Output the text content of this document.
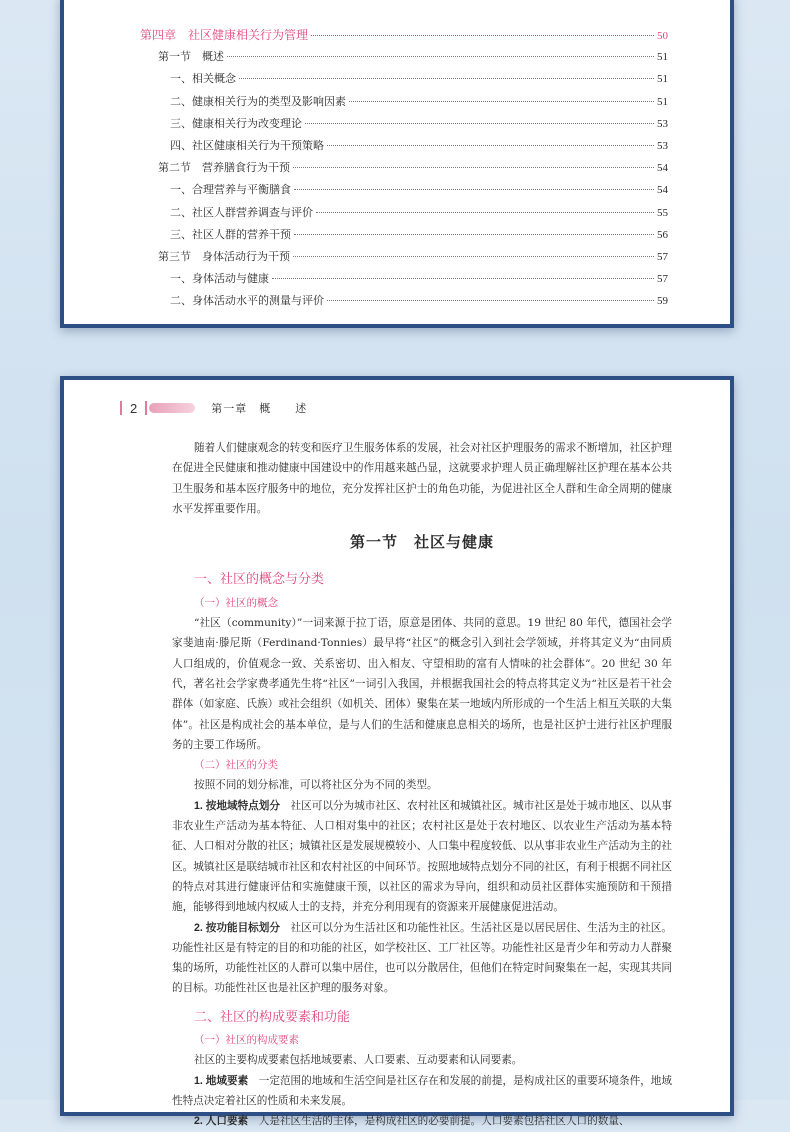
第四章　社区健康相关行为管理	50
第一节　概述	51
一、相关概念	51
二、健康相关行为的类型及影响因素	51
三、健康相关行为改变理论	53
四、社区健康相关行为干预策略	53
第二节　营养膳食行为干预	54
一、合理营养与平衡膳食	54
二、社区人群营养调查与评价	55
三、社区人群的营养干预	56
第三节　身体活动行为干预	57
一、身体活动与健康	57
二、身体活动水平的测量与评价	59
2	第一章　概　　述

随着人们健康观念的转变和医疗卫生服务体系的发展，社会对社区护理服务的需求不断增加，社区护理在促进全民健康和推动健康中国建设中的作用越来越凸显，这就要求护理人员正确理解社区护理在基本公共卫生服务和基本医疗服务中的地位，充分发挥社区护士的角色功能，为促进社区全人群和生命全周期的健康水平发挥重要作用。

第一节　社区与健康
一、社区的概念与分类
（一）社区的概念

“社区（community）”一词来源于拉丁语，原意是团体、共同的意思。19 世纪 80 年代，德国社会学家斐迪南·滕尼斯（Ferdinand·Tonnies）最早将“社区”的概念引入到社会学领域，并将其定义为“由同质人口组成的，价值观念一致、关系密切、出入相友、守望相助的富有人情味的社会群体”。20 世纪 30 年代，著名社会学家费孝通先生将“社区”一词引入我国，并根据我国社会的特点将其定义为“社区是若干社会群体（如家庭、氏族）或社会组织（如机关、团体）聚集在某一地域内所形成的一个生活上相互关联的大集体”。社区是构成社会的基本单位，是与人们的生活和健康息息相关的场所，也是社区护士进行社区护理服务的主要工作场所。

（二）社区的分类

按照不同的划分标准，可以将社区分为不同的类型。

1. 按地域特点划分　社区可以分为城市社区、农村社区和城镇社区。城市社区是处于城市地区、以从事非农业生产活动为基本特征、人口相对集中的社区；农村社区是处于农村地区、以农业生产活动为基本特征、人口相对分散的社区；城镇社区是发展规模较小、人口集中程度较低、以从事非农业生产活动为主的社区。城镇社区是联结城市社区和农村社区的中间环节。按照地域特点划分不同的社区，有利于根据不同社区的特点对其进行健康评估和实施健康干预，以社区的需求为导向，组织和动员社区群体实施预防和干预措施，能够得到地域内权威人士的支持，并充分利用现有的资源来开展健康促进活动。

2. 按功能目标划分　社区可以分为生活社区和功能性社区。生活社区是以居民居住、生活为主的社区。功能性社区是有特定的目的和功能的社区，如学校社区、工厂社区等。功能性社区是青少年和劳动力人群聚集的场所，功能性社区的人群可以集中居住，也可以分散居住，但他们在特定时间聚集在一起，实现其共同的目标。功能性社区也是社区护理的服务对象。

二、社区的构成要素和功能
（一）社区的构成要素

社区的主要构成要素包括地域要素、人口要素、互动要素和认同要素。

1. 地域要素　一定范围的地域和生活空间是社区存在和发展的前提，是构成社区的重要环境条件，地域性特点决定着社区的性质和未来发展。

2. 人口要素　人是社区生活的主体，是构成社区的必要前提。人口要素包括社区人口的数量、
